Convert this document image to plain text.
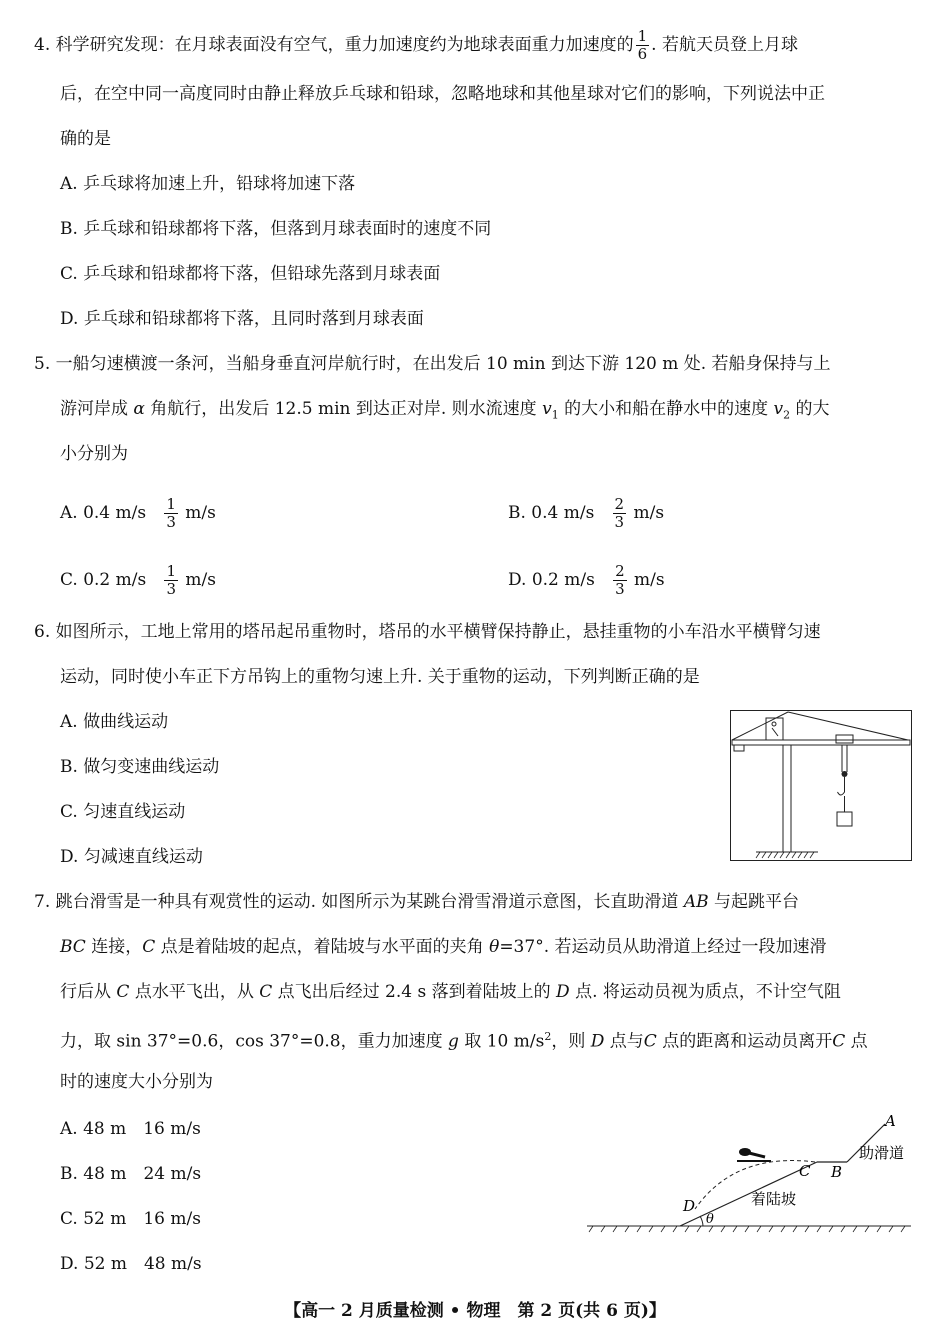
4. 科学研究发现：在月球表面没有空气，重力加速度约为地球表面重力加速度的 $\frac{1}{6}$ . 若航天员登上月球
后，在空中同一高度同时由静止释放乒乓球和铅球，忽略地球和其他星球对它们的影响，下列说法中正
确的是
A. 乒乓球将加速上升，铅球将加速下落
B. 乒乓球和铅球都将下落，但落到月球表面时的速度不同
C. 乒乓球和铅球都将下落，但铅球先落到月球表面
D. 乒乓球和铅球都将下落，且同时落到月球表面
5. 一船匀速横渡一条河，当船身垂直河岸航行时，在出发后 10 min 到达下游 120 m 处. 若船身保持与上
游河岸成 α 角航行，出发后 12.5 min 到达正对岸. 则水流速度 $v_1$ 的大小和船在静水中的速度 $v_2$ 的大
小分别为
A. 0.4 $m/s \frac{1}{3} m/s$	B. 0.4 $m/s \frac{2}{3} m/s$
C. 0.2 $m/s \frac{1}{3} m/s$	D. 0.2 $m/s \frac{2}{3} m/s$
6. 如图所示，工地上常用的塔吊起吊重物时，塔吊的水平横臂保持静止，悬挂重物的小车沿水平横臂匀速
运动，同时使小车正下方吊钩上的重物匀速上升. 关于重物的运动，下列判断正确的是
A. 做曲线运动
B. 做匀变速曲线运动
C. 匀速直线运动
D. 匀减速直线运动
7. 跳台滑雪是一种具有观赏性的运动. 如图所示为某跳台滑雪滑道示意图，长直助滑道 AB 与起跳平台
BC 连接，C 点是着陆坡的起点，着陆坡与水平面的夹角 θ=37°. 若运动员从助滑道上经过一段加速滑
行后从 C 点水平飞出，从 C 点飞出后经过 2.4 s 落到着陆坡上的 D 点. 将运动员视为质点，不计空气阻
力，取 sin 37°=0.6，cos 37°=0.8，重力加速度 g 取 10 $m/s^2$，则 D 点与C 点的距离和运动员离开C 点
时的速度大小分别为
A. 48 m　16 m/s
B. 48 m　24 m/s
C. 52 m　16 m/s
D. 52 m　48 m/s
A
B
C
D
θ
助滑道
着陆坡
【高一 2 月质量检测 • 物理　第 2 页(共 6 页)】
